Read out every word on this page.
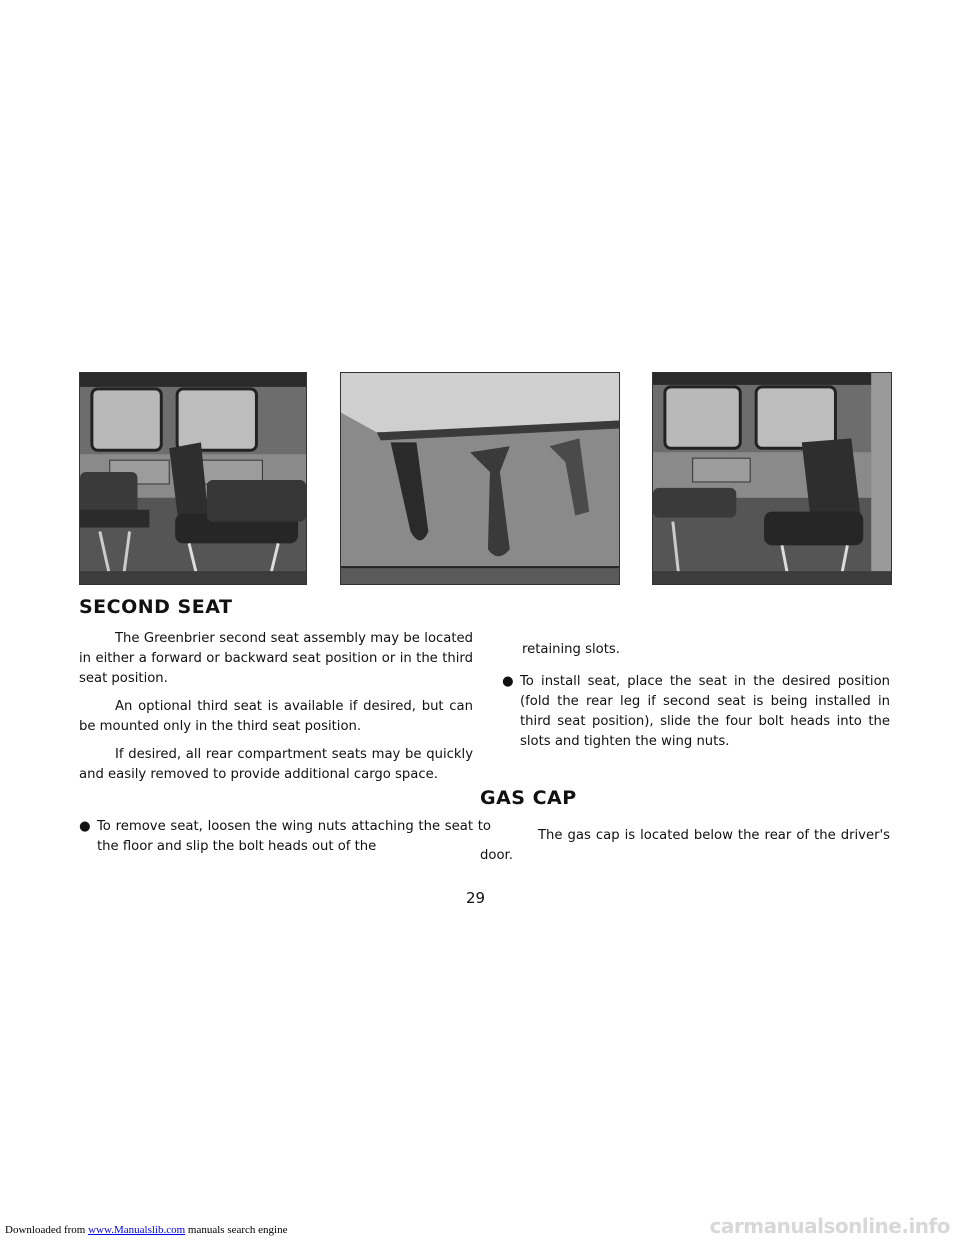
SECOND SEAT

The Greenbrier second seat assembly may be located in either a forward or backward seat position or in the third seat position.

An optional third seat is available if desired, but can be mounted only in the third seat position.

If desired, all rear compartment seats may be quickly and easily removed to provide additional cargo space.

● To remove seat, loosen the wing nuts attaching the seat to the floor and slip the bolt heads out of the

retaining slots.

● To install seat, place the seat in the desired position (fold the rear leg if second seat is being installed in third seat position), slide the four bolt heads into the slots and tighten the wing nuts.

GAS CAP

The gas cap is located below the rear of the driver's door.

29
Downloaded from www.Manualslib.com manuals search engine	carmanualsonline.info
